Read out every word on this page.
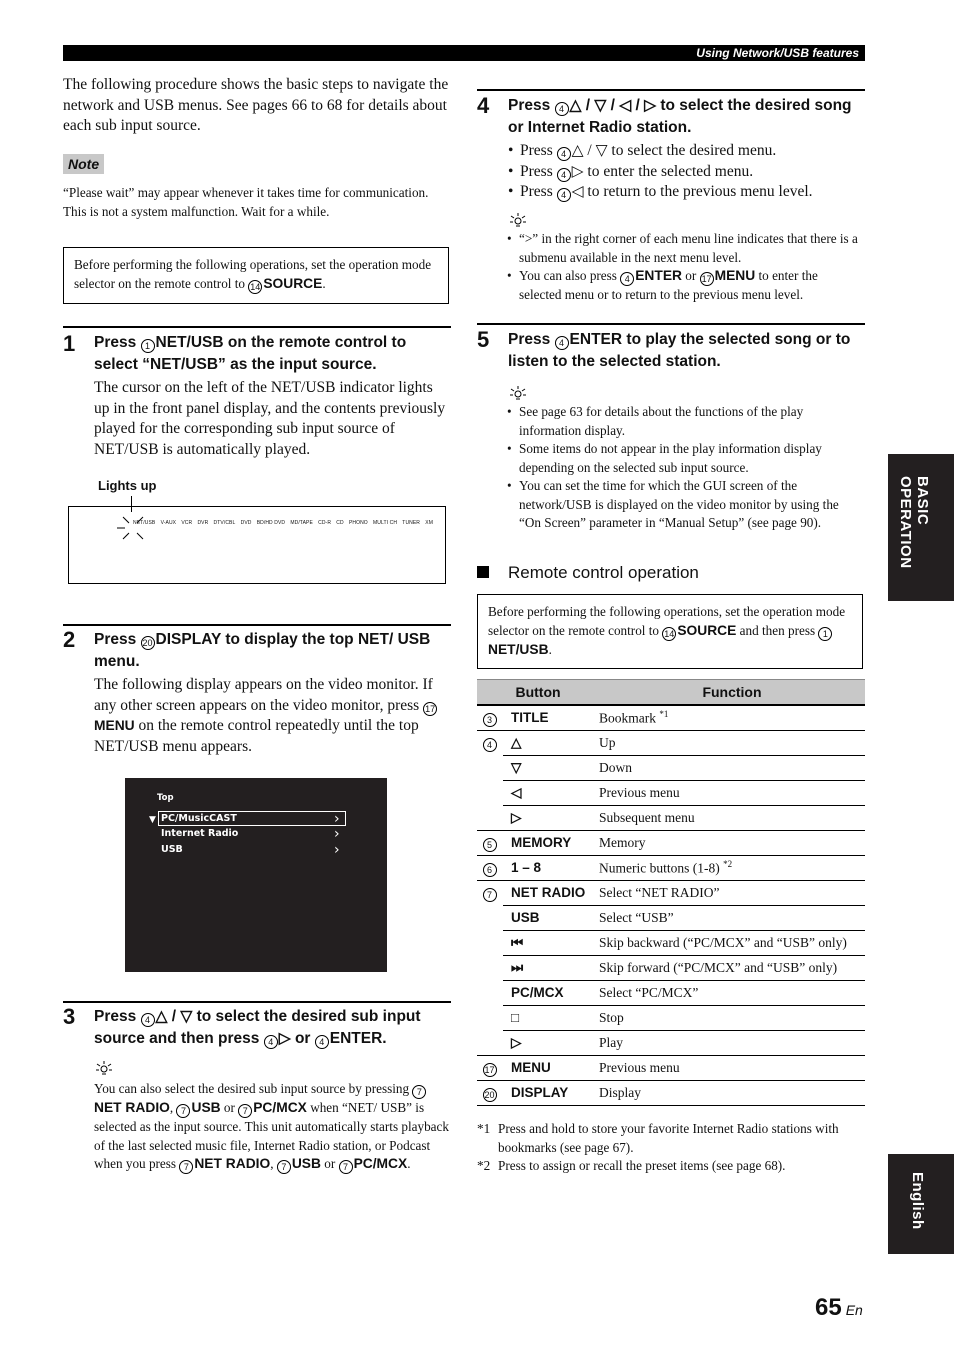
Using Network/USB features

The following procedure shows the basic steps to navigate the network and USB menus. See pages 66 to 68 for details about each sub input source.

Note

“Please wait” may appear whenever it takes time for communication. This is not a system malfunction. Wait for a while.

Before performing the following operations, set the operation mode selector on the remote control to 14 SOURCE.
1 Press 1 NET/USB on the remote control to select “NET/USB” as the input source.

The cursor on the left of the NET/USB indicator lights up in the front panel display, and the contents previously played for the corresponding sub input source of NET/USB is automatically played.

Lights up
NET/USB V-AUX VCR DVR DTV/CBL DVD BD/HD DVD MD/TAPE CD-R CD PHONO MULTI CH TUNER XM
2 Press 20 DISPLAY to display the top NET/ USB menu.

The following display appears on the video monitor. If any other screen appears on the video monitor, press 17MENU on the remote control repeatedly until the top NET/USB menu appears.

Top
▼ PC/MusicCAST
Internet Radio
USB
›
›
›
3 Press 4 △ / ▽ to select the desired sub input source and then press 4 ▷ or 4 ENTER.

You can also select the desired sub input source by pressing 7NET RADIO, 7 USB or 7 PC/MCX when “NET/ USB” is selected as the input source. This unit automatically starts playback of the last selected music file, Internet Radio station, or Podcast when you press 7 NET RADIO, 7 USB or 7 PC/MCX.

4 Press 4 △ / ▽ / ◁ / ▷ to select the desired song or Internet Radio station.
• Press 4 △ / ▽ to select the desired menu.
• Press 4 ▷ to enter the selected menu.
• Press 4 ◁ to return to the previous menu level.
• “>” in the right corner of each menu line indicates that there is a submenu available in the next menu level.
• You can also press 4 ENTER or 17 MENU to enter the selected menu or to return to the previous menu level.
5 Press 4 ENTER to play the selected song or to listen to the selected station.
• See page 63 for details about the functions of the play information display.
• Some items do not appear in the play information display depending on the selected sub input source.
• You can set the time for which the GUI screen of the network/USB is displayed on the video monitor by using the “On Screen” parameter in “Manual Setup” (see page 90).
Remote control operation
Before performing the following operations, set the operation mode selector on the remote control to 14 SOURCE and then press 1NET/USB.
Button		Function
3	TITLE	Bookmark $^{*1}$
4	△	Up
	▽	Down
	◁	Previous menu
	▷	Subsequent menu
5	MEMORY	Memory
6	1 – 8	Numeric buttons (1-8) $^{*2}$
7	NET RADIO	Select “NET RADIO”
	USB	Select “USB”
	⏮	Skip backward (“PC/MCX” and “USB” only)
	⏭	Skip forward (“PC/MCX” and “USB” only)
	PC/MCX	Select “PC/MCX”
	□	Stop
	▷	Play
17	MENU	Previous menu
20	DISPLAY	Display
*1 Press and hold to store your favorite Internet Radio stations with bookmarks (see page 67).
*2 Press to assign or recall the preset items (see page 68).
BASIC OPERATION
English
65 En
